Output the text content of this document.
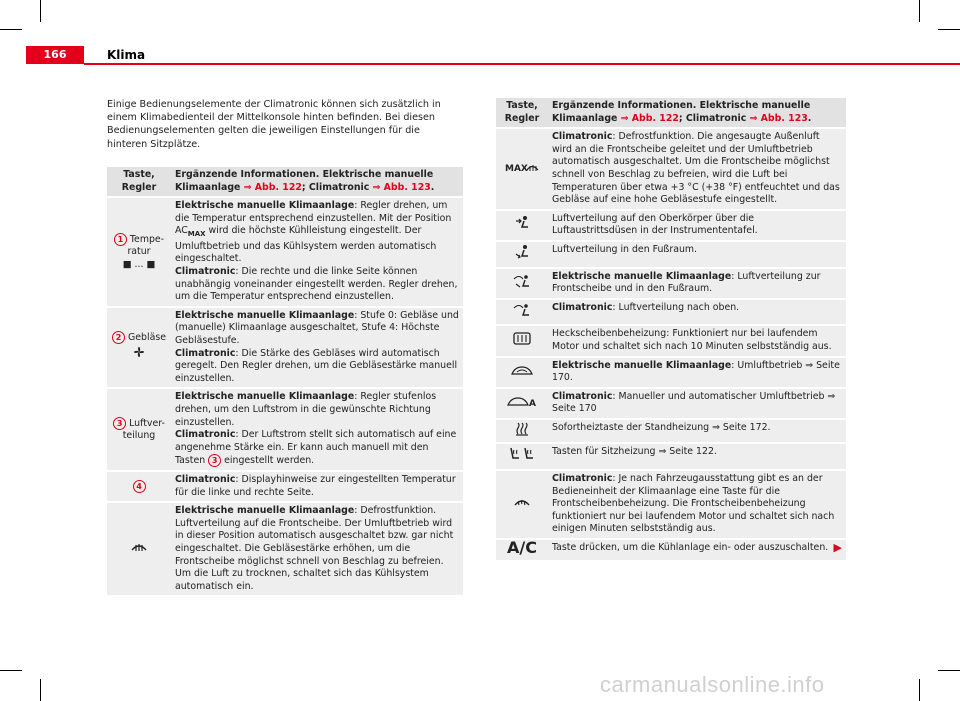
166	Klima
Einige Bedienungselemente der Climatronic können sich zusätzlich in einem Klimabedienteil der Mittelkonsole hinten befinden. Bei diesen Bedienungselementen gelten die jeweiligen Einstellungen für die hinteren Sitzplätze.
Taste, Regler	Ergänzende Informationen. Elektrische manuelle Klimaanlage ⇒ Abb. 122; Climatronic ⇒ Abb. 123.
1 Tempe-ratur
■ ... ■	Elektrische manuelle Klimaanlage: Regler drehen, um die Temperatur entsprechend einzustellen. Mit der Position $AC_{MAX}$ wird die höchste Kühlleistung eingestellt. Der Umluftbetrieb und das Kühlsystem werden automatisch eingeschaltet.
Climatronic: Die rechte und die linke Seite können unabhängig voneinander eingestellt werden. Regler drehen, um die Temperatur entsprechend einzustellen.
2 Gebläse	Elektrische manuelle Klimaanlage: Stufe 0: Gebläse und (manuelle) Klimaanlage ausgeschaltet, Stufe 4: Höchste Gebläsestufe.
Climatronic: Die Stärke des Gebläses wird automatisch geregelt. Den Regler drehen, um die Gebläsestärke manuell einzustellen.
3 Luftver-teilung	Elektrische manuelle Klimaanlage: Regler stufenlos drehen, um den Luftstrom in die gewünschte Richtung einzustellen.
Climatronic: Der Luftstrom stellt sich automatisch auf eine angenehme Stärke ein. Er kann auch manuell mit den Tasten 3 eingestellt werden.
4	Climatronic: Displayhinweise zur eingestellten Temperatur für die linke und rechte Seite.
	Elektrische manuelle Klimaanlage: Defrostfunktion. Luftverteilung auf die Frontscheibe. Der Umluftbetrieb wird in dieser Position automatisch ausgeschaltet bzw. gar nicht eingeschaltet. Die Gebläsestärke erhöhen, um die Frontscheibe möglichst schnell von Beschlag zu befreien. Um die Luft zu trocknen, schaltet sich das Kühlsystem automatisch ein.
Taste, Regler	Ergänzende Informationen. Elektrische manuelle Klimaanlage ⇒ Abb. 122; Climatronic ⇒ Abb. 123.

MAX	Climatronic: Defrostfunktion. Die angesaugte Außenluft wird an die Frontscheibe geleitet und der Umluftbetrieb automatisch ausgeschaltet. Um die Frontscheibe möglichst schnell von Beschlag zu befreien, wird die Luft bei Temperaturen über etwa +3 °C (+38 °F) entfeuchtet und das Gebläse auf eine hohe Gebläsestufe eingestellt.
	Luftverteilung auf den Oberkörper über die Luftaustrittsdüsen in der Instrumententafel.
	Luftverteilung in den Fußraum.
	Elektrische manuelle Klimaanlage: Luftverteilung zur Frontscheibe und in den Fußraum.
	Climatronic: Luftverteilung nach oben.
	Heckscheibenbeheizung: Funktioniert nur bei laufendem Motor und schaltet sich nach 10 Minuten selbstständig aus.
	Elektrische manuelle Klimaanlage: Umluftbetrieb ⇒ Seite 170.

A	Climatronic: Manueller und automatischer Umluftbetrieb ⇒ Seite 170
	Sofortheiztaste der Standheizung ⇒ Seite 172.
	Tasten für Sitzheizung ⇒ Seite 122.
	Climatronic: Je nach Fahrzeugausstattung gibt es an der Bedieneinheit der Klimaanlage eine Taste für die Frontscheibenbeheizung. Die Frontscheibenbeheizung funktioniert nur bei laufendem Motor und schaltet sich nach einigen Minuten selbstständig aus.
A/C	Taste drücken, um die Kühlanlage ein- oder auszuschalten. ▶
carmanualsonline.info
